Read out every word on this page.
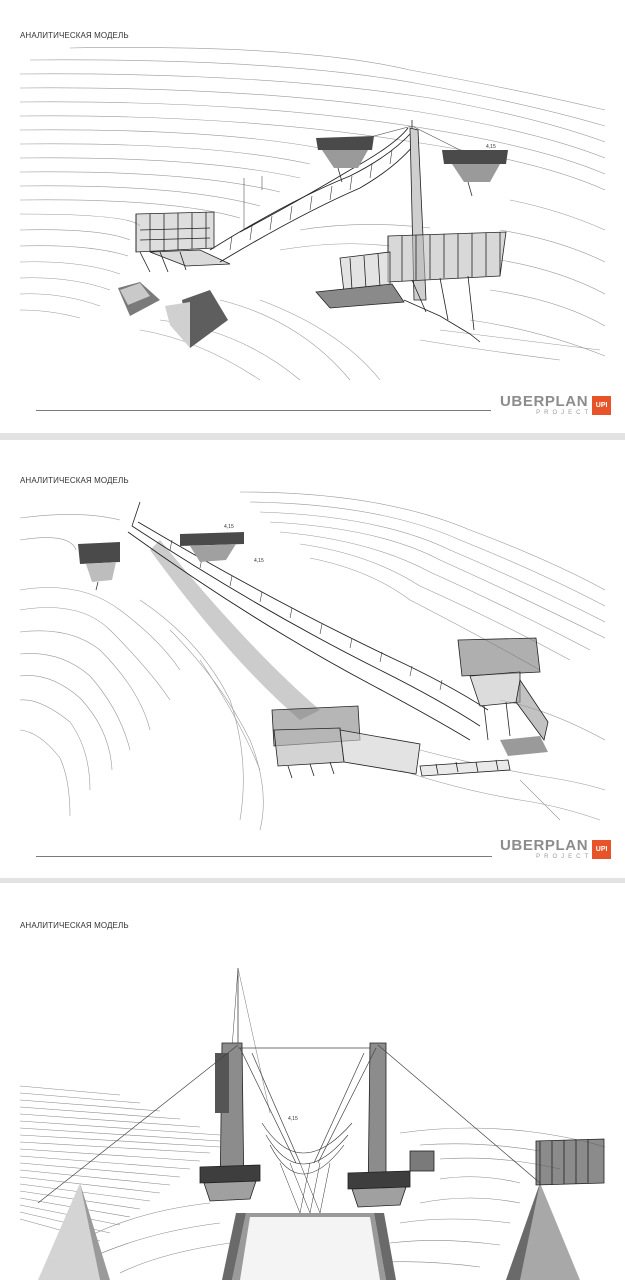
АНАЛИТИЧЕСКАЯ МОДЕЛЬ
4,15
UBERPLAN
PROJECT
UPI
АНАЛИТИЧЕСКАЯ МОДЕЛЬ
4,15
4,15
UBERPLAN
PROJECT
UPI
АНАЛИТИЧЕСКАЯ МОДЕЛЬ
4,15
